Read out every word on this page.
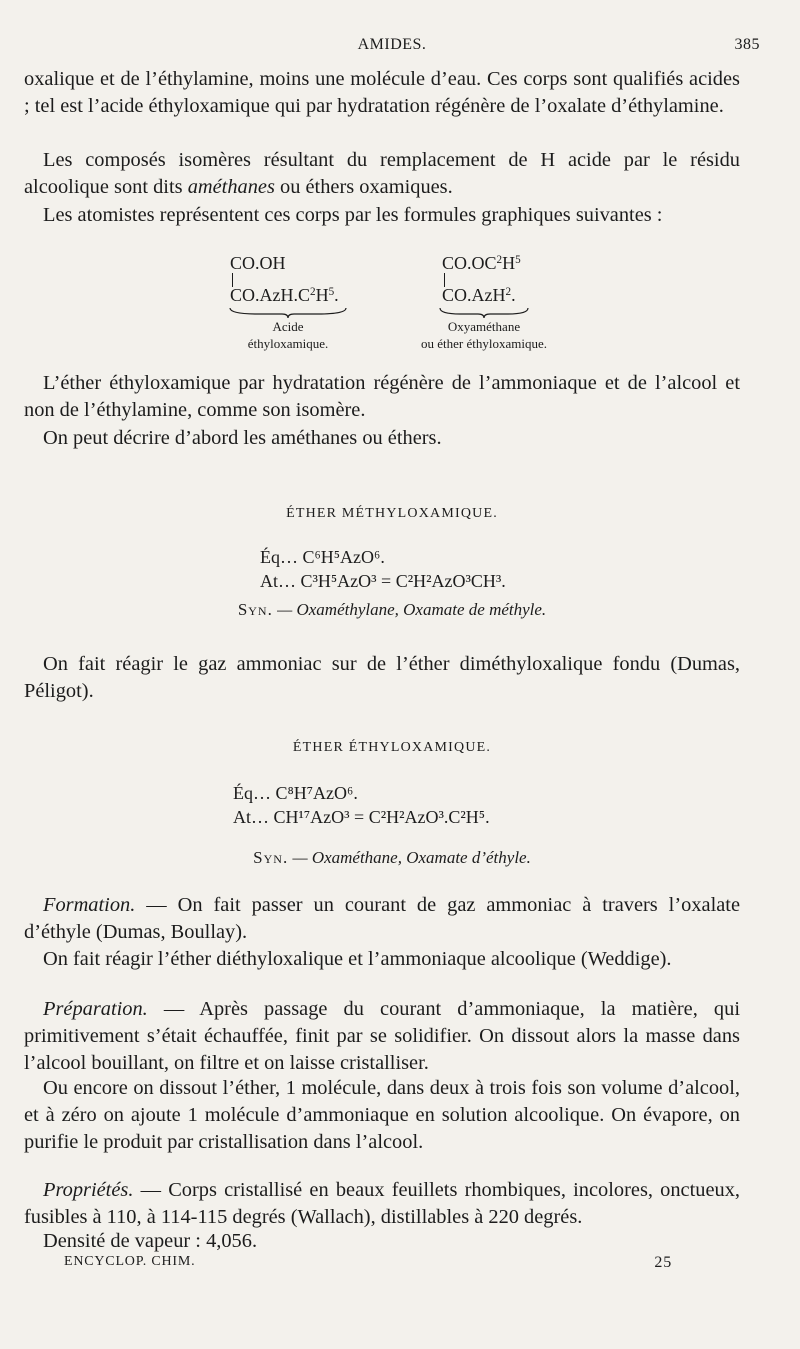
AMIDES.	385

oxalique et de l’éthylamine, moins une molécule d’eau. Ces corps sont qualifiés acides ; tel est l’acide éthyloxamique qui par hydratation régénère de l’oxalate d’éthylamine.

Les composés isomères résultant du remplacement de H acide par le résidu alcoolique sont dits améthanes ou éthers oxamiques.

Les atomistes représentent ces corps par les formules graphiques suivantes :

CO.OH
$CO.AzH.C^2H^5$.
Acide
éthyloxamique.
$CO.OC^2H^5$
CO.AzH$^2$.
Oxyaméthane
ou éther éthyloxamique.

L’éther éthyloxamique par hydratation régénère de l’ammoniaque et de l’alcool et non de l’éthylamine, comme son isomère.

On peut décrire d’abord les améthanes ou éthers.

ÉTHER MÉTHYLOXAMIQUE.
Éq… C⁶H⁵AzO⁶.
At… C³H⁵AzO³ = C²H²AzO³CH³.
Syn. — Oxaméthylane, Oxamate de méthyle.

On fait réagir le gaz ammoniac sur de l’éther diméthyloxalique fondu (Dumas, Péligot).

ÉTHER ÉTHYLOXAMIQUE.
Éq… C⁸H⁷AzO⁶.
At… CH¹⁷AzO³ = C²H²AzO³.C²H⁵.
Syn. — Oxaméthane, Oxamate d’éthyle.

Formation. — On fait passer un courant de gaz ammoniac à travers l’oxalate d’éthyle (Dumas, Boullay).

On fait réagir l’éther diéthyloxalique et l’ammoniaque alcoolique (Weddige).

Préparation. — Après passage du courant d’ammoniaque, la matière, qui primitivement s’était échauffée, finit par se solidifier. On dissout alors la masse dans l’alcool bouillant, on filtre et on laisse cristalliser.

Ou encore on dissout l’éther, 1 molécule, dans deux à trois fois son volume d’alcool, et à zéro on ajoute 1 molécule d’ammoniaque en solution alcoolique. On évapore, on purifie le produit par cristallisation dans l’alcool.

Propriétés. — Corps cristallisé en beaux feuillets rhombiques, incolores, onctueux, fusibles à 110, à 114-115 degrés (Wallach), distillables à 220 degrés.

Densité de vapeur : 4,056.

ENCYCLOP. CHIM.	25
